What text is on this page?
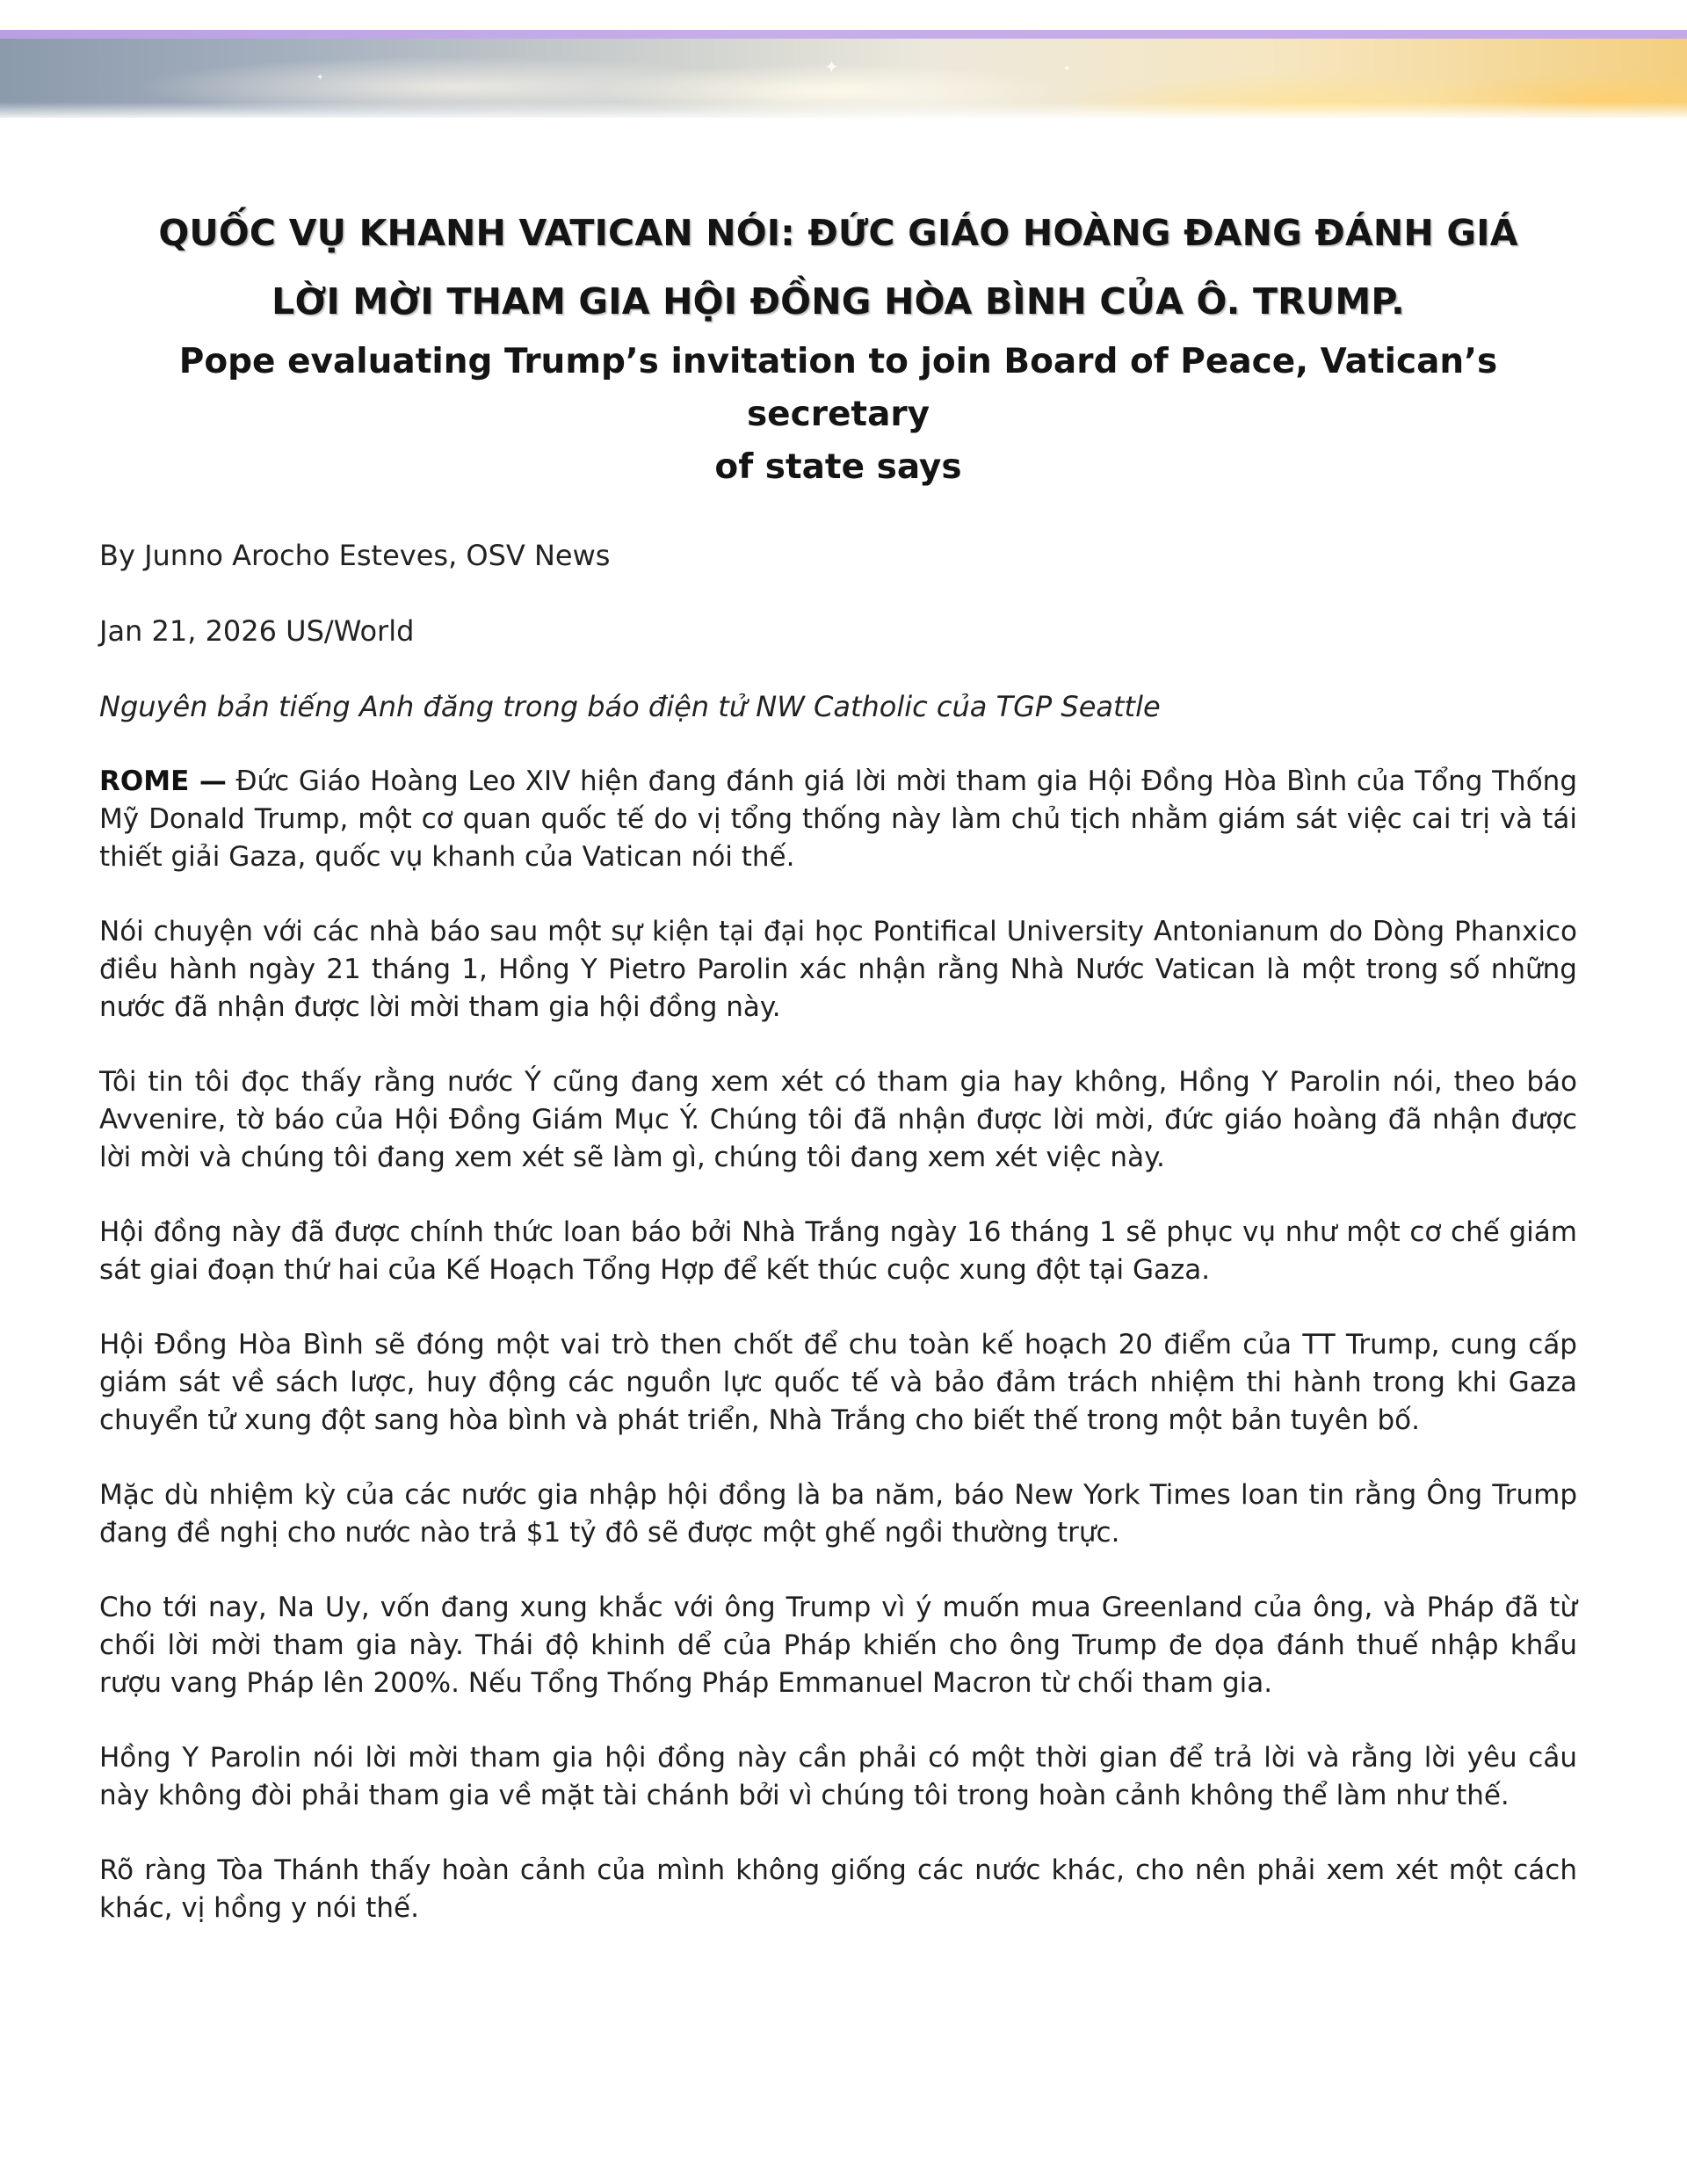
✦
✦
✦
QUỐC VỤ KHANH VATICAN NÓI: ĐỨC GIÁO HOÀNG ĐANG ĐÁNH GIÁ
LỜI MỜI THAM GIA HỘI ĐỒNG HÒA BÌNH CỦA Ô. TRUMP.
Pope evaluating Trump’s invitation to join Board of Peace, Vatican’s secretary
of state says

By Junno Arocho Esteves, OSV News

Jan 21, 2026 US/World

Nguyên bản tiếng Anh đăng trong báo điện tử NW Catholic của TGP Seattle

ROME — Đức Giáo Hoàng Leo XIV hiện đang đánh giá lời mời tham gia Hội Đồng Hòa Bình của Tổng Thống Mỹ Donald Trump, một cơ quan quốc tế do vị tổng thống này làm chủ tịch nhằm giám sát việc cai trị và tái thiết giải Gaza, quốc vụ khanh của Vatican nói thế.

Nói chuyện với các nhà báo sau một sự kiện tại đại học Pontifical University Antonianum do Dòng Phanxico điều hành ngày 21 tháng 1, Hồng Y Pietro Parolin xác nhận rằng Nhà Nước Vatican là một trong số những nước đã nhận được lời mời tham gia hội đồng này.

Tôi tin tôi đọc thấy rằng nước Ý cũng đang xem xét có tham gia hay không, Hồng Y Parolin nói, theo báo Avvenire, tờ báo của Hội Đồng Giám Mục Ý. Chúng tôi đã nhận được lời mời, đức giáo hoàng đã nhận được lời mời và chúng tôi đang xem xét sẽ làm gì, chúng tôi đang xem xét việc này.

Hội đồng này đã được chính thức loan báo bởi Nhà Trắng ngày 16 tháng 1 sẽ phục vụ như một cơ chế giám sát giai đoạn thứ hai của Kế Hoạch Tổng Hợp để kết thúc cuộc xung đột tại Gaza.

Hội Đồng Hòa Bình sẽ đóng một vai trò then chốt để chu toàn kế hoạch 20 điểm của TT Trump, cung cấp giám sát về sách lược, huy động các nguồn lực quốc tế và bảo đảm trách nhiệm thi hành trong khi Gaza chuyển tử xung đột sang hòa bình và phát triển, Nhà Trắng cho biết thế trong một bản tuyên bố.

Mặc dù nhiệm kỳ của các nước gia nhập hội đồng là ba năm, báo New York Times loan tin rằng Ông Trump đang đề nghị cho nước nào trả $1 tỷ đô sẽ được một ghế ngồi thường trực.

Cho tới nay, Na Uy, vốn đang xung khắc với ông Trump vì ý muốn mua Greenland của ông, và Pháp đã từ chối lời mời tham gia này. Thái độ khinh dể của Pháp khiến cho ông Trump đe dọa đánh thuế nhập khẩu rượu vang Pháp lên 200%. Nếu Tổng Thống Pháp Emmanuel Macron từ chối tham gia.

Hồng Y Parolin nói lời mời tham gia hội đồng này cần phải có một thời gian để trả lời và rằng lời yêu cầu này không đòi phải tham gia về mặt tài chánh bởi vì chúng tôi trong hoàn cảnh không thể làm như thế.

Rõ ràng Tòa Thánh thấy hoàn cảnh của mình không giống các nước khác, cho nên phải xem xét một cách khác, vị hồng y nói thế.
